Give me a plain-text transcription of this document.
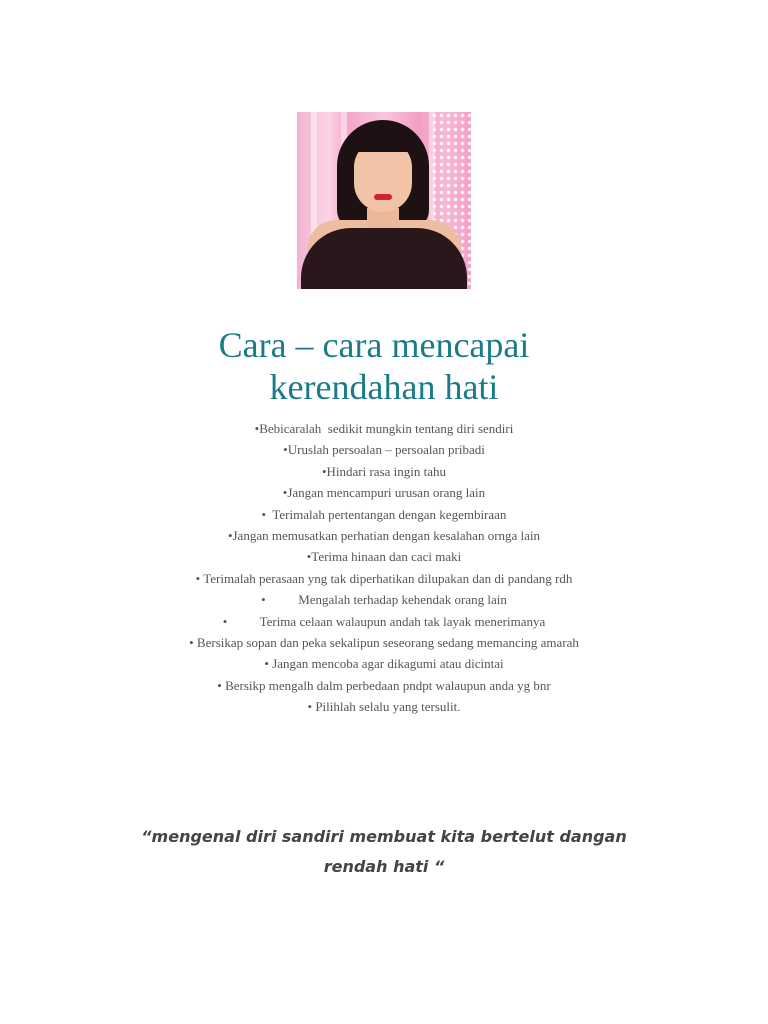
Cara – cara mencapai
kerendahan hati
•Bebicaralah  sedikit mungkin tentang diri sendiri
•Uruslah persoalan – persoalan pribadi
•Hindari rasa ingin tahu
•Jangan mencampuri urusan orang lain
•  Terimalah pertentangan dengan kegembiraan
•Jangan memusatkan perhatian dengan kesalahan ornga lain
•Terima hinaan dan caci maki
• Terimalah perasaan yng tak diperhatikan dilupakan dan di pandang rdh
•          Mengalah terhadap kehendak orang lain
•          Terima celaan walaupun andah tak layak menerimanya
• Bersikap sopan dan peka sekalipun seseorang sedang memancing amarah
• Jangan mencoba agar dikagumi atau dicintai
• Bersikp mengalh dalm perbedaan pndpt walaupun anda yg bnr
• Pilihlah selalu yang tersulit.
“mengenal diri sandiri membuat kita bertelut dangan
rendah hati “
